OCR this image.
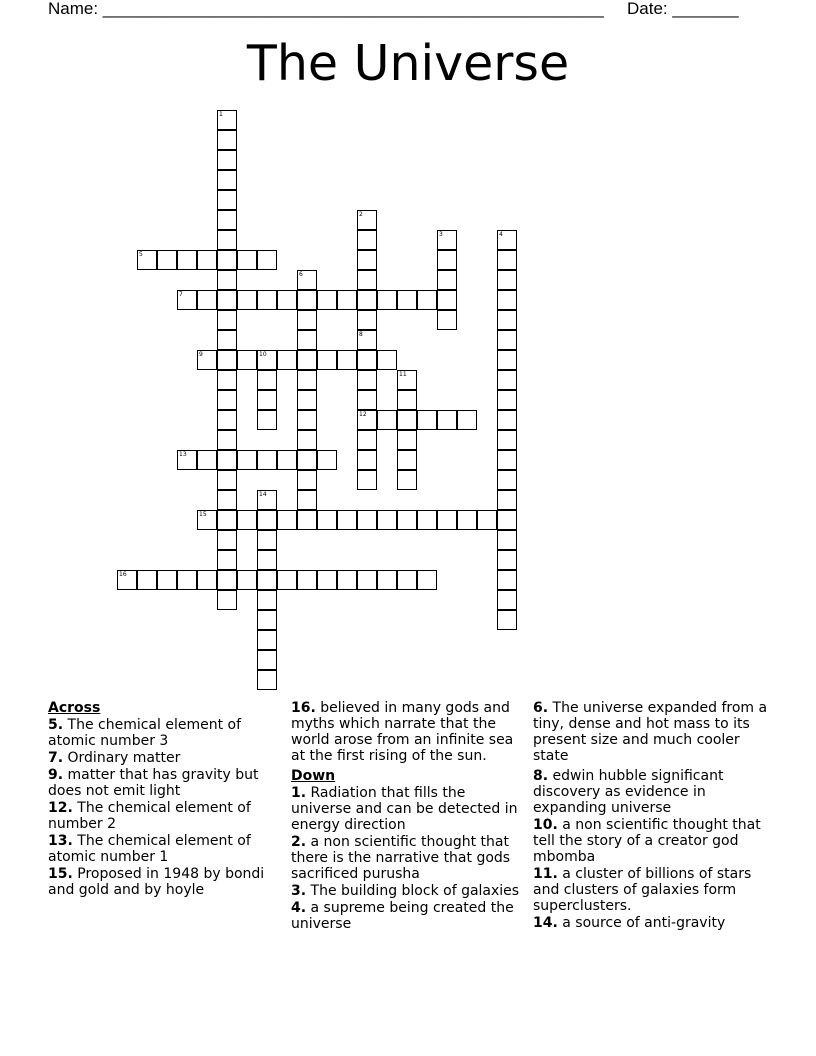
Name: _____________________________________________________ Date: _______
The Universe
1
2
3	4
5
6
7
8
12
9	10
11
13
14
15
16
Across
5. The chemical element of atomic number 3
7. Ordinary matter
9. matter that has gravity but does not emit light
12. The chemical element of number 2
13. The chemical element of atomic number 1
15. Proposed in 1948 by bondi and gold and by hoyle
16. believed in many gods and myths which narrate that the world arose from an infinite sea at the first rising of the sun.
Down
1. Radiation that fills the universe and can be detected in energy direction
2. a non scientific thought that there is the narrative that gods sacrificed purusha
3. The building block of galaxies
4. a supreme being created the universe
6. The universe expanded from a tiny, dense and hot mass to its present size and much cooler state
8. edwin hubble significant discovery as evidence in expanding universe
10. a non scientific thought that tell the story of a creator god mbomba
11. a cluster of billions of stars and clusters of galaxies form superclusters.
14. a source of anti-gravity
